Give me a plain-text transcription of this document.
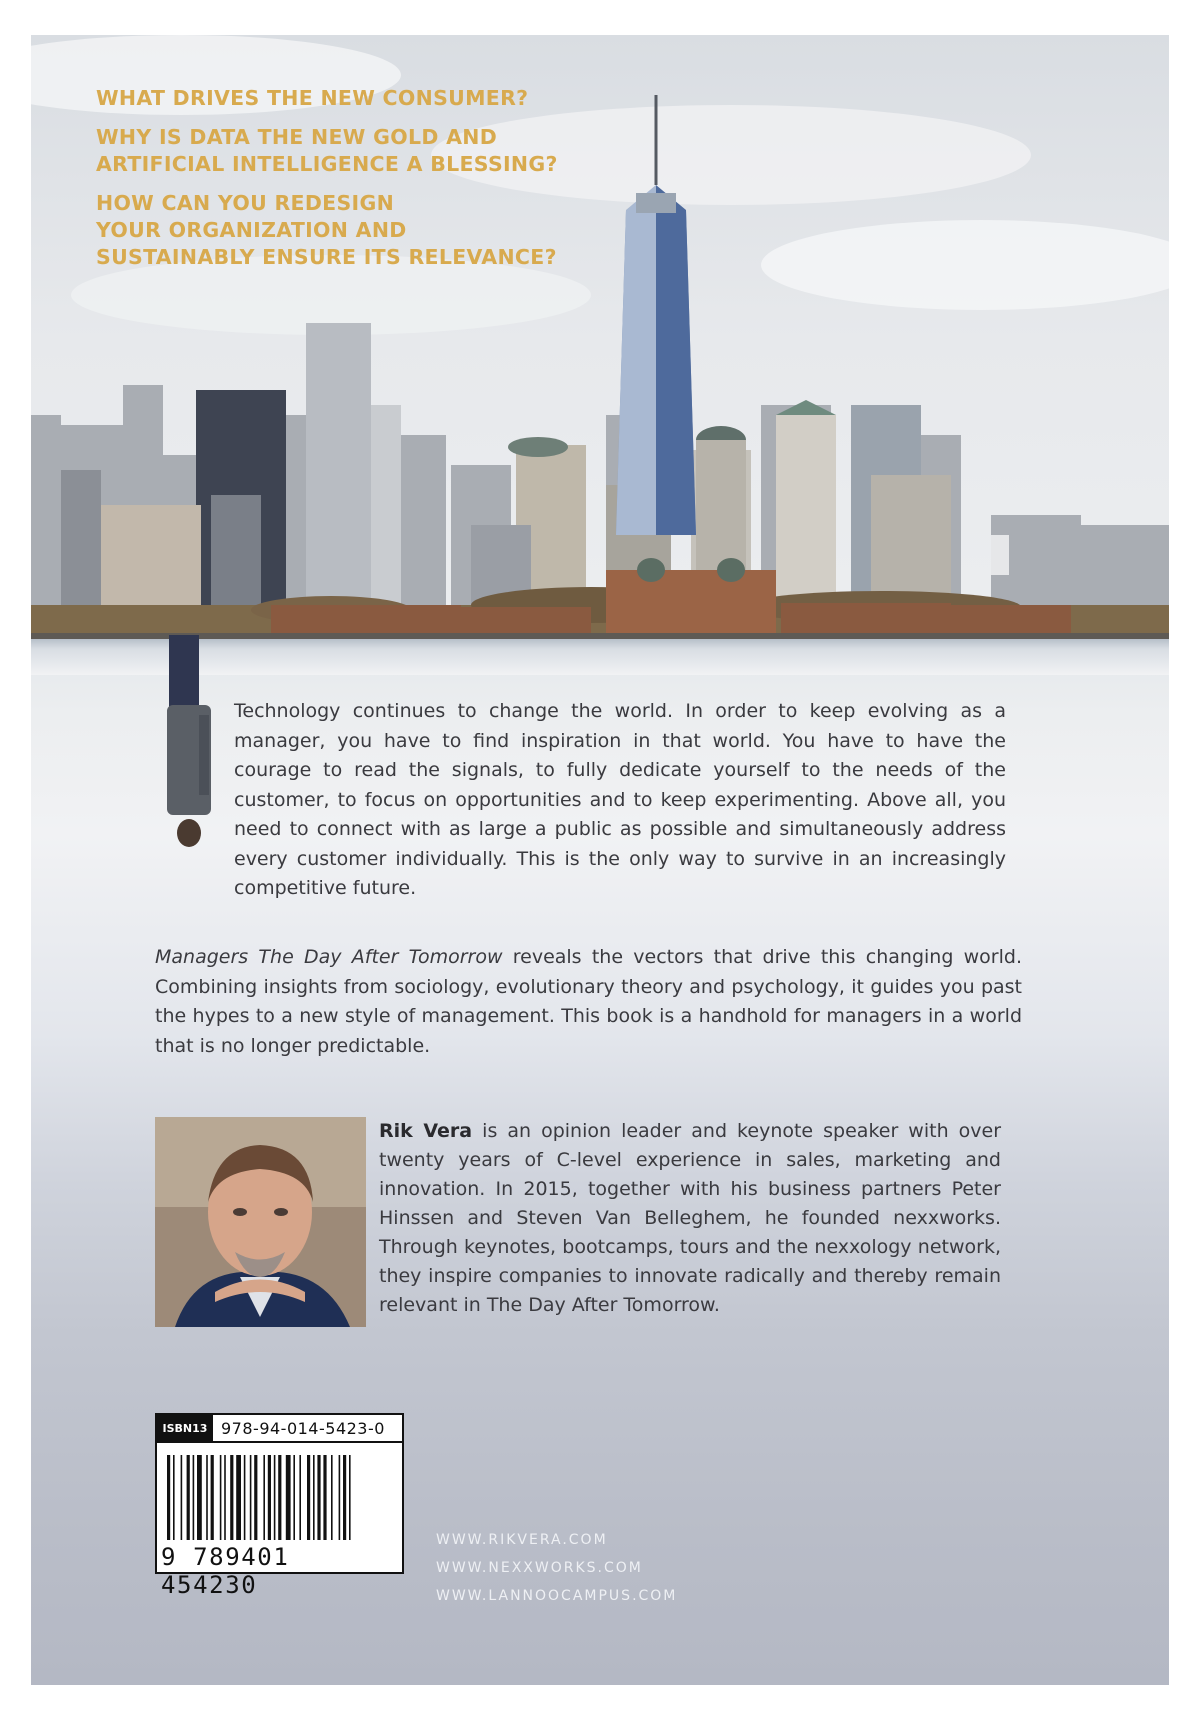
WHAT DRIVES THE NEW CONSUMER?

WHY IS DATA THE NEW GOLD AND
ARTIFICIAL INTELLIGENCE A BLESSING?

HOW CAN YOU REDESIGN
YOUR ORGANIZATION AND
SUSTAINABLY ENSURE ITS RELEVANCE?

Technology continues to change the world. In order to keep evolving as a manager, you have to find inspiration in that world. You have to have the courage to read the signals, to fully dedicate yourself to the needs of the customer, to focus on opportunities and to keep experimenting. Above all, you need to connect with as large a public as possible and simultaneously address every customer individually. This is the only way to survive in an increasingly competitive future.

Managers The Day After Tomorrow reveals the vectors that drive this changing world. Combining insights from sociology, evolutionary theory and psychology, it guides you past the hypes to a new style of management. This book is a handhold for managers in a world that is no longer predictable.

Rik Vera is an opinion leader and keynote speaker with over twenty years of C-level experience in sales, marketing and innovation. In 2015, together with his business partners Peter Hinssen and Steven Van Belleghem, he founded nexxworks. Through keynotes, bootcamps, tours and the nexxology network, they inspire companies to innovate radically and thereby remain relevant in The Day After Tomorrow.

ISBN13 978-94-014-5423-0
9 789401 454230
WWW.RIKVERA.COM
WWW.NEXXWORKS.COM
WWW.LANNOOCAMPUS.COM
